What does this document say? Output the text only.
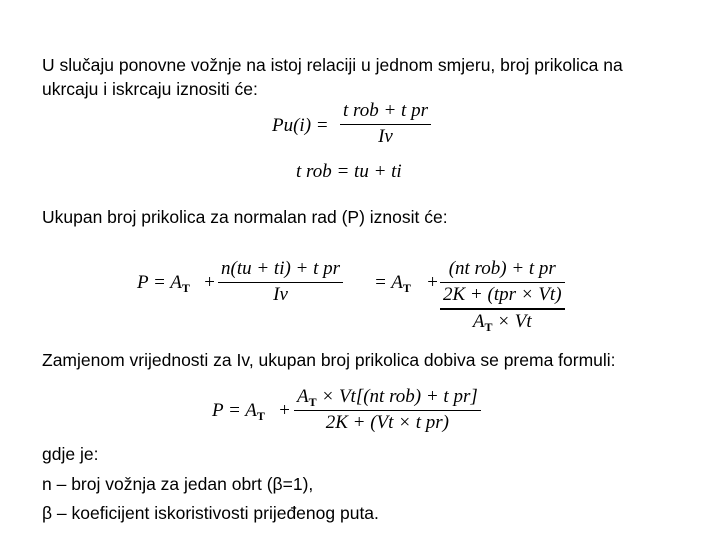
U slučaju ponovne vožnje na istoj relaciji u jednom smjeru, broj prikolica na
ukrcaju i iskrcaju iznositi će:
Pu(i) =
t rob + t pr
Iv
t rob = tu + ti
Ukupan broj prikolica za normalan rad (P) iznosit će:
$P = A_T$ +
n(tu + ti) + t pr
Iv
= $A_T$ +
(nt rob) + t pr
2K + (tpr × Vt)
$A_T \times Vt$
Zamjenom vrijednosti za Iv, ukupan broj prikolica dobiva se prema formuli:
$P = A_T$ +
$A_T \times Vt[(nt$ rob) + t pr]
2K + (Vt × t pr)
gdje je:
n – broj vožnja za jedan obrt (β=1),
β – koeficijent iskoristivosti prijeđenog puta.
